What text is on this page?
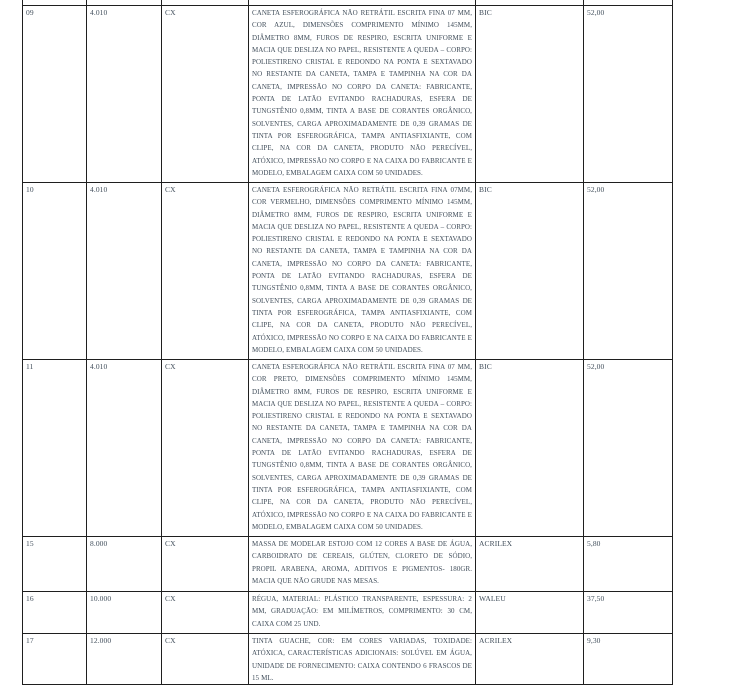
09	4.010	CX	CANETA ESFEROGRÁFICA NÃO RETRÁTIL ESCRITA FINA 07 MM, COR AZUL, DIMENSÕES COMPRIMENTO MÍNIMO 145MM, DIÂMETRO 8MM, FUROS DE RESPIRO, ESCRITA UNIFORME E MACIA QUE DESLIZA NO PAPEL, RESISTENTE A QUEDA – CORPO: POLIESTIRENO CRISTAL E REDONDO NA PONTA E SEXTAVADO NO RESTANTE DA CANETA, TAMPA E TAMPINHA NA COR DA CANETA, IMPRESSÃO NO CORPO DA CANETA: FABRICANTE, PONTA DE LATÃO EVITANDO RACHADURAS, ESFERA DE TUNGSTÊNIO 0,8MM, TINTA A BASE DE CORANTES ORGÂNICO, SOLVENTES, CARGA APROXIMADAMENTE DE 0,39 GRAMAS DE TINTA POR ESFEROGRÁFICA, TAMPA ANTIASFIXIANTE, COM CLIPE, NA COR DA CANETA, PRODUTO NÃO PERECÍVEL, ATÓXICO, IMPRESSÃO NO CORPO E NA CAIXA DO FABRICANTE E MODELO, EMBALAGEM CAIXA COM 50 UNIDADES.	BIC	52,00
10	4.010	CX	CANETA ESFEROGRÁFICA NÃO RETRÁTIL ESCRITA FINA 07MM, COR VERMELHO, DIMENSÕES COMPRIMENTO MÍNIMO 145MM, DIÂMETRO 8MM, FUROS DE RESPIRO, ESCRITA UNIFORME E MACIA QUE DESLIZA NO PAPEL, RESISTENTE A QUEDA – CORPO: POLIESTIRENO CRISTAL E REDONDO NA PONTA E SEXTAVADO NO RESTANTE DA CANETA, TAMPA E TAMPINHA NA COR DA CANETA, IMPRESSÃO NO CORPO DA CANETA: FABRICANTE, PONTA DE LATÃO EVITANDO RACHADURAS, ESFERA DE TUNGSTÊNIO 0,8MM, TINTA A BASE DE CORANTES ORGÂNICO, SOLVENTES, CARGA APROXIMADAMENTE DE 0,39 GRAMAS DE TINTA POR ESFEROGRÁFICA, TAMPA ANTIASFIXIANTE, COM CLIPE, NA COR DA CANETA, PRODUTO NÃO PERECÍVEL, ATÓXICO, IMPRESSÃO NO CORPO E NA CAIXA DO FABRICANTE E MODELO, EMBALAGEM CAIXA COM 50 UNIDADES.	BIC	52,00
11	4.010	CX	CANETA ESFEROGRÁFICA NÃO RETRÁTIL ESCRITA FINA 07 MM, COR PRETO, DIMENSÕES COMPRIMENTO MÍNIMO 145MM, DIÂMETRO 8MM, FUROS DE RESPIRO, ESCRITA UNIFORME E MACIA QUE DESLIZA NO PAPEL, RESISTENTE A QUEDA – CORPO: POLIESTIRENO CRISTAL E REDONDO NA PONTA E SEXTAVADO NO RESTANTE DA CANETA, TAMPA E TAMPINHA NA COR DA CANETA, IMPRESSÃO NO CORPO DA CANETA: FABRICANTE, PONTA DE LATÃO EVITANDO RACHADURAS, ESFERA DE TUNGSTÊNIO 0,8MM, TINTA A BASE DE CORANTES ORGÂNICO, SOLVENTES, CARGA APROXIMADAMENTE DE 0,39 GRAMAS DE TINTA POR ESFEROGRÁFICA, TAMPA ANTIASFIXIANTE, COM CLIPE, NA COR DA CANETA, PRODUTO NÃO PERECÍVEL, ATÓXICO, IMPRESSÃO NO CORPO E NA CAIXA DO FABRICANTE E MODELO, EMBALAGEM CAIXA COM 50 UNIDADES.	BIC	52,00
15	8.000	CX	MASSA DE MODELAR ESTOJO COM 12 CORES A BASE DE ÁGUA, CARBOIDRATO DE CEREAIS, GLÚTEN, CLORETO DE SÓDIO, PROPIL ARABENA, AROMA, ADITIVOS E PIGMENTOS- 180GR. MACIA QUE NÃO GRUDE NAS MESAS.	ACRILEX	5,80
16	10.000	CX	RÉGUA, MATERIAL: PLÁSTICO TRANSPARENTE, ESPESSURA: 2 MM, GRADUAÇÃO: EM MILÍMETROS, COMPRIMENTO: 30 CM, CAIXA COM 25 UND.	WALEU	37,50
17	12.000	CX	TINTA GUACHE, COR: EM CORES VARIADAS, TOXIDADE: ATÓXICA, CARACTERÍSTICAS ADICIONAIS: SOLÚVEL EM ÁGUA, UNIDADE DE FORNECIMENTO: CAIXA CONTENDO 6 FRASCOS DE 15 ML.	ACRILEX	9,30
